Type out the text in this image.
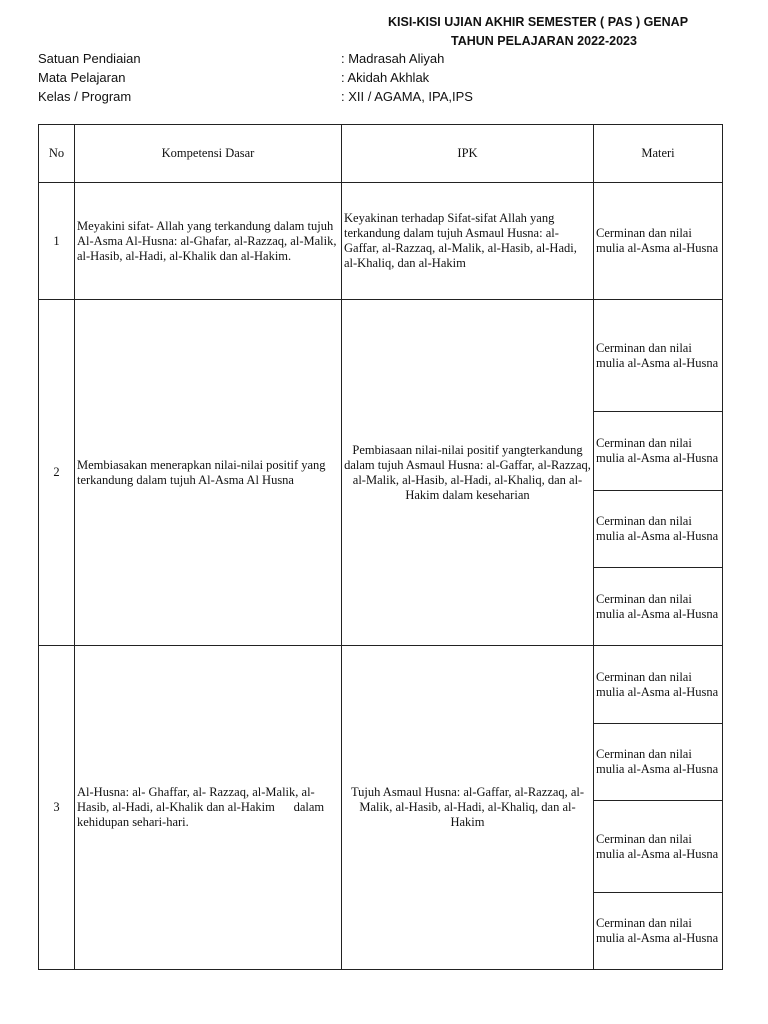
KISI-KISI UJIAN AKHIR SEMESTER ( PAS ) GENAP
TAHUN PELAJARAN 2022-2023
Satuan Pendiaian	: Madrasah Aliyah
Mata Pelajaran	: Akidah Akhlak
Kelas / Program	: XII / AGAMA, IPA,IPS
No	Kompetensi Dasar	IPK	Materi
1	Meyakini sifat- Allah yang terkandung dalam tujuh Al-Asma Al-Husna: al-Ghafar, al-Razzaq, al-Malik, al-Hasib, al-Hadi, al-Khalik dan al-Hakim.	Keyakinan terhadap Sifat-sifat Allah yang terkandung dalam tujuh Asmaul Husna: al-Gaffar, al-Razzaq, al-Malik, al-Hasib, al-Hadi, al-Khaliq, dan al-Hakim	Cerminan dan nilai mulia al-Asma al-Husna
2	Membiasakan menerapkan nilai-nilai positif yang terkandung dalam tujuh Al-Asma Al Husna	Pembiasaan nilai-nilai positif yangterkandung dalam tujuh Asmaul Husna: al-Gaffar, al-Razzaq, al-Malik, al-Hasib, al-Hadi, al-Khaliq, dan al-Hakim dalam keseharian	Cerminan dan nilai mulia al-Asma al-Husna
			Cerminan dan nilai mulia al-Asma al-Husna
			Cerminan dan nilai mulia al-Asma al-Husna
			Cerminan dan nilai mulia al-Asma al-Husna
3	Al-Husna: al- Ghaffar, al- Razzaq, al-Malik, al-Hasib, al-Hadi, al-Khalik dan al-Hakim      dalam kehidupan sehari-hari.	Tujuh Asmaul Husna: al-Gaffar, al-Razzaq, al-Malik, al-Hasib, al-Hadi, al-Khaliq, dan al-Hakim	Cerminan dan nilai mulia al-Asma al-Husna
			Cerminan dan nilai mulia al-Asma al-Husna
			Cerminan dan nilai mulia al-Asma al-Husna
			Cerminan dan nilai mulia al-Asma al-Husna
